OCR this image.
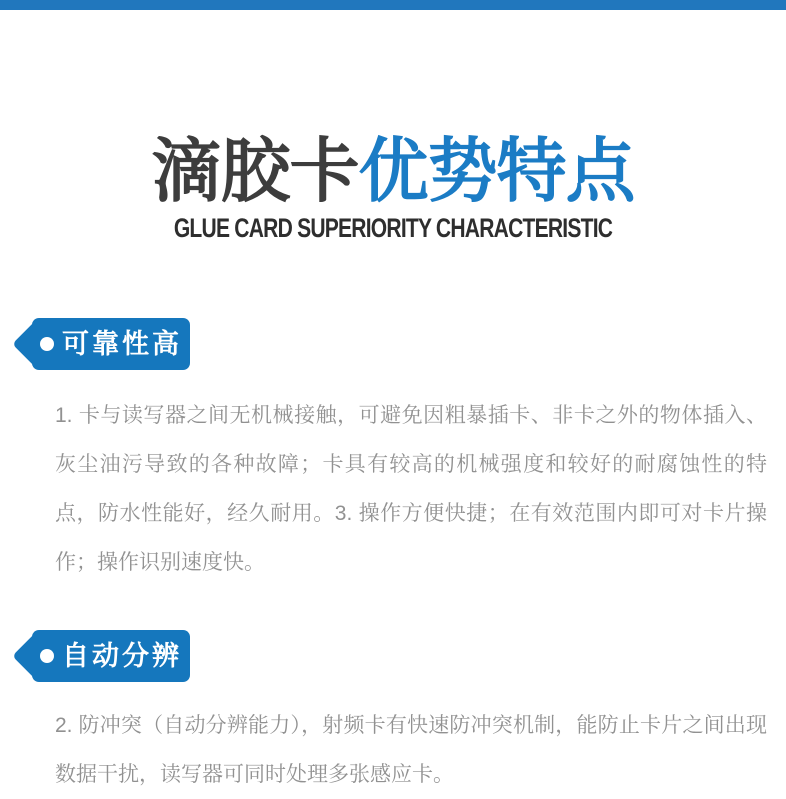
滴胶卡优势特点
GLUE CARD SUPERIORITY CHARACTERISTIC
可靠性高
1. 卡与读写器之间无机械接触，可避免因粗暴插卡、非卡之外的物体插入、灰尘油污导致的各种故障；卡具有较高的机械强度和较好的耐腐蚀性的特点，防水性能好，经久耐用。3. 操作方便快捷；在有效范围内即可对卡片操作；操作识别速度快。
自动分辨
2. 防冲突（自动分辨能力），射频卡有快速防冲突机制，能防止卡片之间出现数据干扰，读写器可同时处理多张感应卡。
